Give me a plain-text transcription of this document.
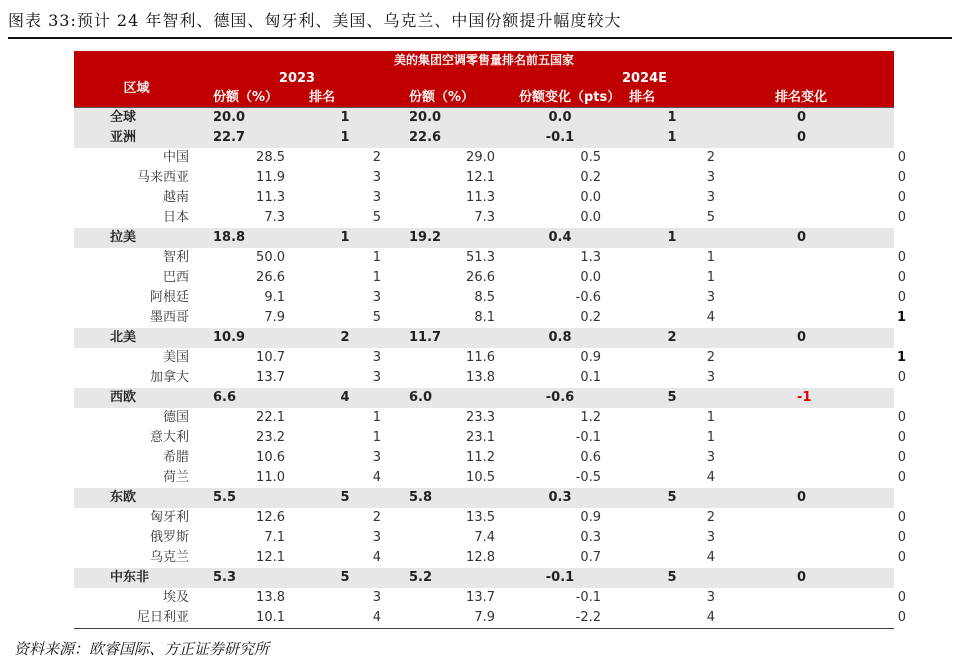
图表 33:预计 24 年智利、德国、匈牙利、美国、乌克兰、中国份额提升幅度较大
美的集团空调零售量排名前五国家						
区域	2023		2024E			
	份额（%）	排名	份额（%）	份额变化（pts）	排名	排名变化
全球	20.0	1	20.0	0.0	1	0
亚洲	22.7	1	22.6	-0.1	1	0
中国	28.5	2	29.0	0.5	2	0
马来西亚	11.9	3	12.1	0.2	3	0
越南	11.3	3	11.3	0.0	3	0
日本	7.3	5	7.3	0.0	5	0
拉美	18.8	1	19.2	0.4	1	0
智利	50.0	1	51.3	1.3	1	0
巴西	26.6	1	26.6	0.0	1	0
阿根廷	9.1	3	8.5	-0.6	3	0
墨西哥	7.9	5	8.1	0.2	4	1
北美	10.9	2	11.7	0.8	2	0
美国	10.7	3	11.6	0.9	2	1
加拿大	13.7	3	13.8	0.1	3	0
西欧	6.6	4	6.0	-0.6	5	-1
德国	22.1	1	23.3	1.2	1	0
意大利	23.2	1	23.1	-0.1	1	0
希腊	10.6	3	11.2	0.6	3	0
荷兰	11.0	4	10.5	-0.5	4	0
东欧	5.5	5	5.8	0.3	5	0
匈牙利	12.6	2	13.5	0.9	2	0
俄罗斯	7.1	3	7.4	0.3	3	0
乌克兰	12.1	4	12.8	0.7	4	0
中东非	5.3	5	5.2	-0.1	5	0
埃及	13.8	3	13.7	-0.1	3	0
尼日利亚	10.1	4	7.9	-2.2	4	0
资料来源：欧睿国际、方正证券研究所
